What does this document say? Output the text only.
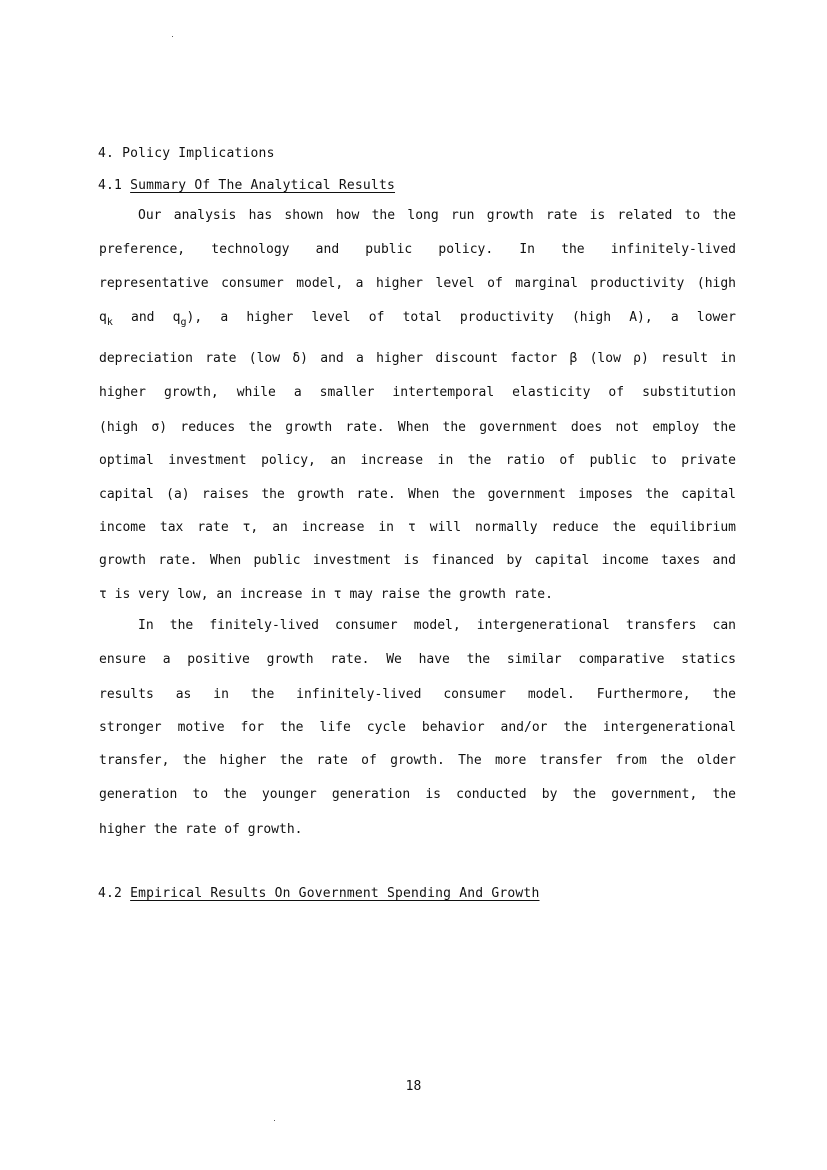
4. Policy Implications
4.1 Summary Of The Analytical Results
Our analysis has shown how the long run growth rate is related to the
preference, technology and public policy. In the infinitely-lived
representative consumer model, a higher level of marginal productivity (high
$q_k$ and $q_g$), a higher level of total productivity (high A), a lower
depreciation rate (low δ) and a higher discount factor β (low ρ) result in
higher growth, while a smaller intertemporal elasticity of substitution
(high σ) reduces the growth rate. When the government does not employ the
optimal investment policy, an increase in the ratio of public to private
capital (a) raises the growth rate. When the government imposes the capital
income tax rate τ, an increase in τ will normally reduce the equilibrium
growth rate. When public investment is financed by capital income taxes and
τ is very low, an increase in τ may raise the growth rate.
In the finitely-lived consumer model, intergenerational transfers can
ensure a positive growth rate. We have the similar comparative statics
results as in the infinitely-lived consumer model. Furthermore, the
stronger motive for the life cycle behavior and/or the intergenerational
transfer, the higher the rate of growth. The more transfer from the older
generation to the younger generation is conducted by the government, the
higher the rate of growth.
4.2 Empirical Results On Government Spending And Growth
18
